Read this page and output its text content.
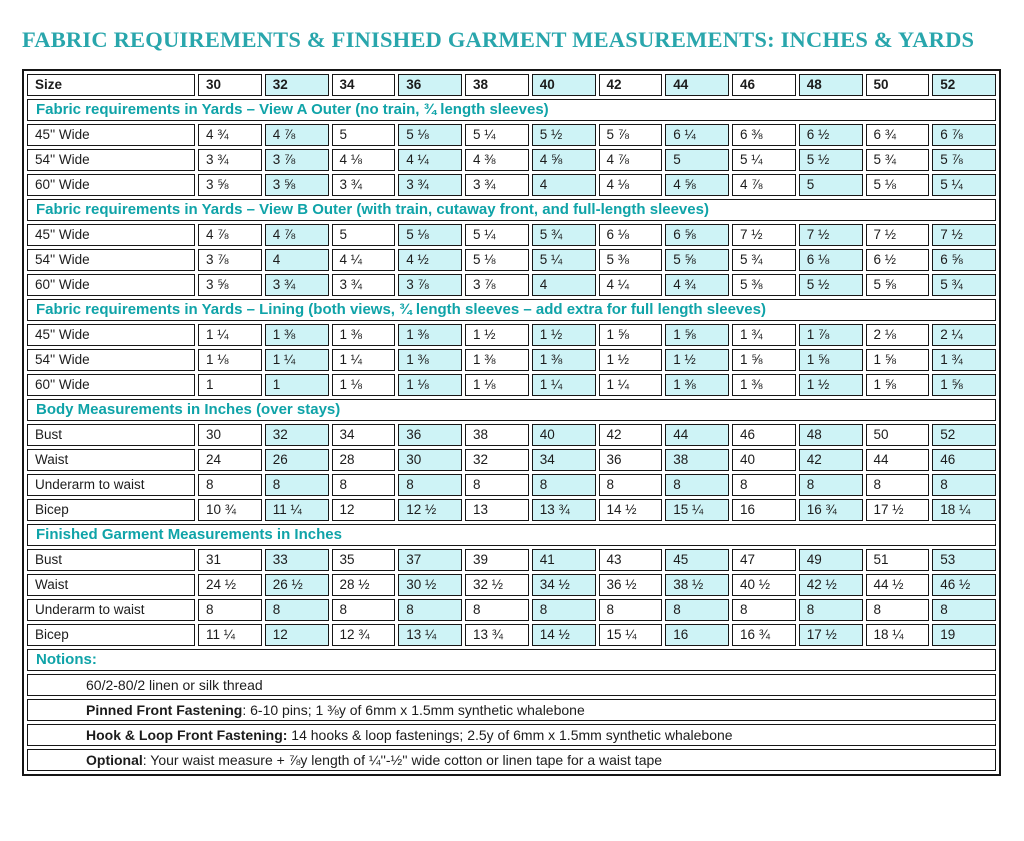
FABRIC REQUIREMENTS & FINISHED GARMENT MEASUREMENTS: INCHES & YARDS
Size	30	32	34	36	38	40	42	44	46	48	50	52
Fabric requirements in Yards – View A Outer (no train, ¾ length sleeves)												
45'' Wide	4 ¾	4 ⅞	5	5 ⅛	5 ¼	5 ½	5 ⅞	6 ¼	6 ⅜	6 ½	6 ¾	6 ⅞
54'' Wide	3 ¾	3 ⅞	4 ⅛	4 ¼	4 ⅜	4 ⅝	4 ⅞	5	5 ¼	5 ½	5 ¾	5 ⅞
60'' Wide	3 ⅝	3 ⅝	3 ¾	3 ¾	3 ¾	4	4 ⅛	4 ⅝	4 ⅞	5	5 ⅛	5 ¼
Fabric requirements in Yards – View B Outer (with train, cutaway front, and full-length sleeves)												
45'' Wide	4 ⅞	4 ⅞	5	5 ⅛	5 ¼	5 ¾	6 ⅛	6 ⅝	7 ½	7 ½	7 ½	7 ½
54'' Wide	3 ⅞	4	4 ¼	4 ½	5 ⅛	5 ¼	5 ⅜	5 ⅝	5 ¾	6 ⅛	6 ½	6 ⅝
60'' Wide	3 ⅝	3 ¾	3 ¾	3 ⅞	3 ⅞	4	4 ¼	4 ¾	5 ⅜	5 ½	5 ⅝	5 ¾
Fabric requirements in Yards – Lining (both views, ¾ length sleeves – add extra for full length sleeves)												
45'' Wide	1 ¼	1 ⅜	1 ⅜	1 ⅜	1 ½	1 ½	1 ⅝	1 ⅝	1 ¾	1 ⅞	2 ⅛	2 ¼
54'' Wide	1 ⅛	1 ¼	1 ¼	1 ⅜	1 ⅜	1 ⅜	1 ½	1 ½	1 ⅝	1 ⅝	1 ⅝	1 ¾
60'' Wide	1	1	1 ⅛	1 ⅛	1 ⅛	1 ¼	1 ¼	1 ⅜	1 ⅜	1 ½	1 ⅝	1 ⅝
Body Measurements in Inches (over stays)												
Bust	30	32	34	36	38	40	42	44	46	48	50	52
Waist	24	26	28	30	32	34	36	38	40	42	44	46
Underarm to waist	8	8	8	8	8	8	8	8	8	8	8	8
Bicep	10 ¾	11 ¼	12	12 ½	13	13 ¾	14 ½	15 ¼	16	16 ¾	17 ½	18 ¼
Finished Garment Measurements in Inches												
Bust	31	33	35	37	39	41	43	45	47	49	51	53
Waist	24 ½	26 ½	28 ½	30 ½	32 ½	34 ½	36 ½	38 ½	40 ½	42 ½	44 ½	46 ½
Underarm to waist	8	8	8	8	8	8	8	8	8	8	8	8
Bicep	11 ¼	12	12 ¾	13 ¼	13 ¾	14 ½	15 ¼	16	16 ¾	17 ½	18 ¼	19
Notions:												
60/2-80/2 linen or silk thread												
Pinned Front Fastening: 6-10 pins; 1 ⅜y of 6mm x 1.5mm synthetic whalebone												
Hook & Loop Front Fastening: 14 hooks & loop fastenings; 2.5y of 6mm x 1.5mm synthetic whalebone												
Optional: Your waist measure + ⅞y length of ¼''-½'' wide cotton or linen tape for a waist tape												
